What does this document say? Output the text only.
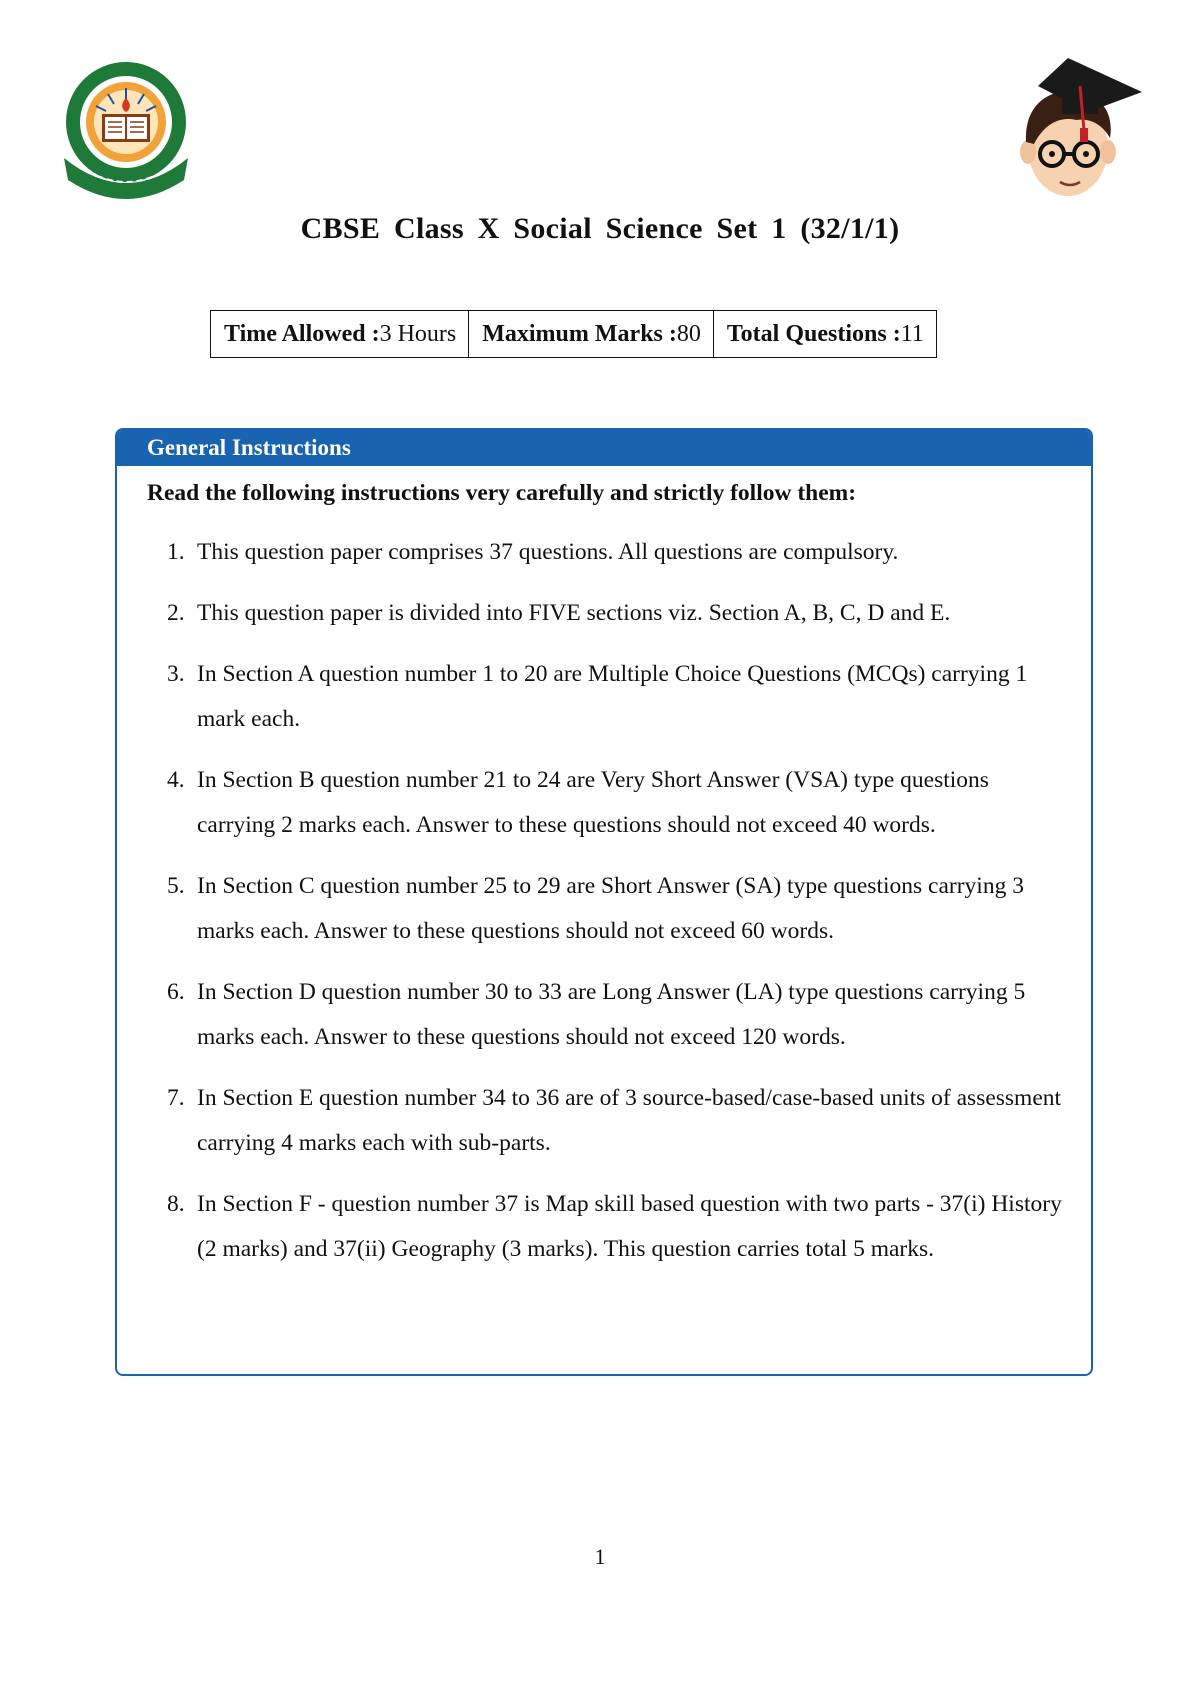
CBSE Class X Social Science Set 1 (32/1/1)
Time Allowed : 3 Hours Maximum Marks : 80 Total Questions : 11
General Instructions
Read the following instructions very carefully and strictly follow them:
1. This question paper comprises 37 questions. All questions are compulsory.
2. This question paper is divided into FIVE sections viz. Section A, B, C, D and E.
3. In Section A question number 1 to 20 are Multiple Choice Questions (MCQs) carrying 1 mark each.
4. In Section B question number 21 to 24 are Very Short Answer (VSA) type questions carrying 2 marks each. Answer to these questions should not exceed 40 words.
5. In Section C question number 25 to 29 are Short Answer (SA) type questions carrying 3 marks each. Answer to these questions should not exceed 60 words.
6. In Section D question number 30 to 33 are Long Answer (LA) type questions carrying 5 marks each. Answer to these questions should not exceed 120 words.
7. In Section E question number 34 to 36 are of 3 source-based/case-based units of assessment carrying 4 marks each with sub-parts.
8. In Section F - question number 37 is Map skill based question with two parts - 37(i) History (2 marks) and 37(ii) Geography (3 marks). This question carries total 5 marks.
1
